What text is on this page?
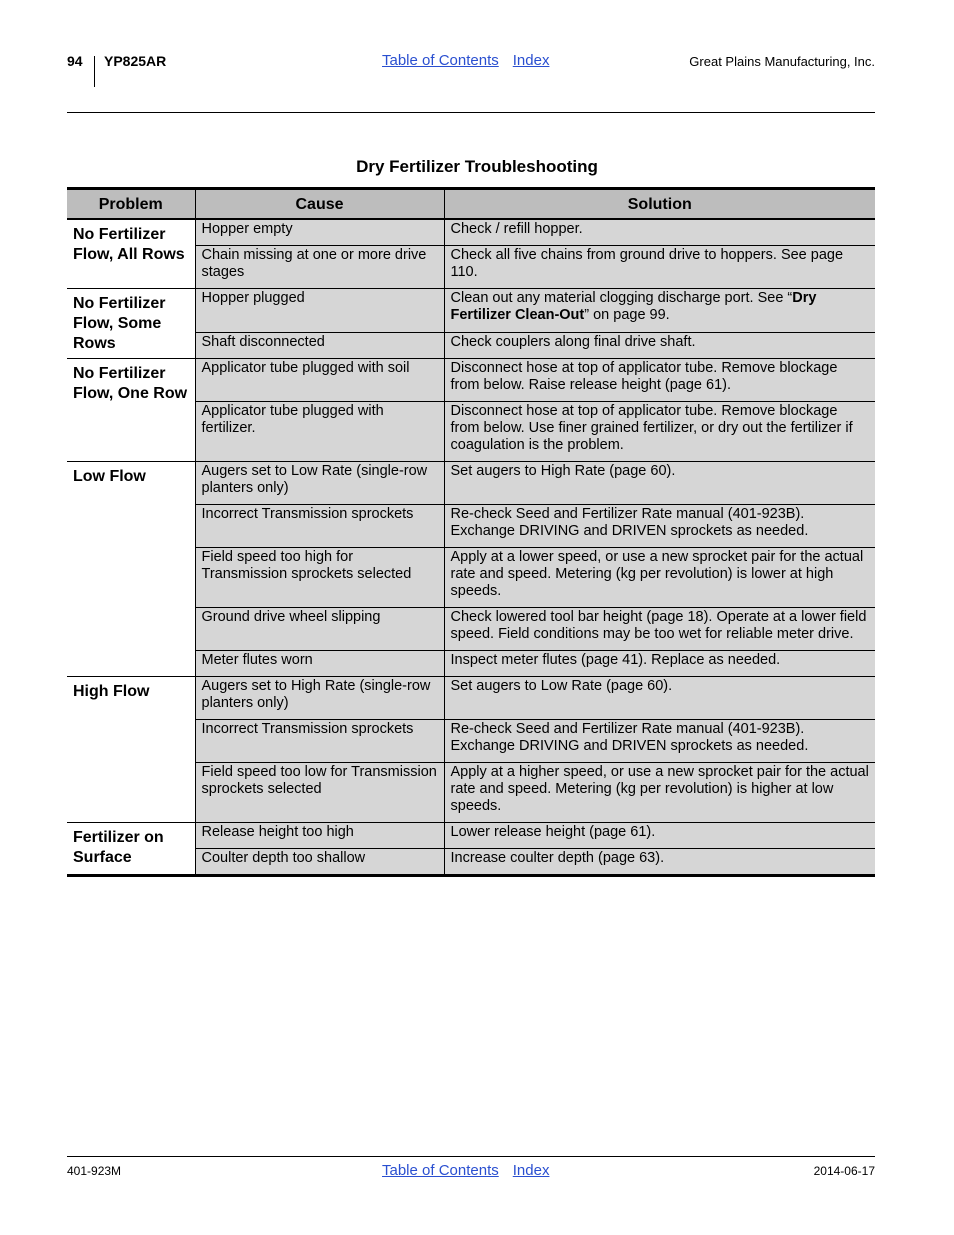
94 YP825AR	Table of Contents Index	Great Plains Manufacturing, Inc.
Dry Fertilizer Troubleshooting
Problem	Cause	Solution
No Fertilizer Flow, All Rows	Hopper empty	Check / refill hopper.
	Chain missing at one or more drive stages	Check all five chains from ground drive to hoppers. See page 110.
No Fertilizer Flow, Some Rows	Hopper plugged	Clean out any material clogging discharge port. See “Dry Fertilizer Clean-Out” on page 99.
	Shaft disconnected	Check couplers along final drive shaft.
No Fertilizer Flow, One Row	Applicator tube plugged with soil	Disconnect hose at top of applicator tube. Remove blockage from below. Raise release height (page 61).
	Applicator tube plugged with fertilizer.	Disconnect hose at top of applicator tube. Remove blockage from below. Use finer grained fertilizer, or dry out the fertilizer if coagulation is the problem.
Low Flow	Augers set to Low Rate (single-row planters only)	Set augers to High Rate (page 60).
	Incorrect Transmission sprockets	Re-check Seed and Fertilizer Rate manual (401-923B). Exchange DRIVING and DRIVEN sprockets as needed.
	Field speed too high for Transmission sprockets selected	Apply at a lower speed, or use a new sprocket pair for the actual rate and speed. Metering (kg per revolution) is lower at high speeds.
	Ground drive wheel slipping	Check lowered tool bar height (page 18). Operate at a lower field speed. Field conditions may be too wet for reliable meter drive.
	Meter flutes worn	Inspect meter flutes (page 41). Replace as needed.
High Flow	Augers set to High Rate (single-row planters only)	Set augers to Low Rate (page 60).
	Incorrect Transmission sprockets	Re-check Seed and Fertilizer Rate manual (401-923B). Exchange DRIVING and DRIVEN sprockets as needed.
	Field speed too low for Transmission sprockets selected	Apply at a higher speed, or use a new sprocket pair for the actual rate and speed. Metering (kg per revolution) is higher at low speeds.
Fertilizer on Surface	Release height too high	Lower release height (page 61).
	Coulter depth too shallow	Increase coulter depth (page 63).
401-923M	Table of Contents Index	2014-06-17
